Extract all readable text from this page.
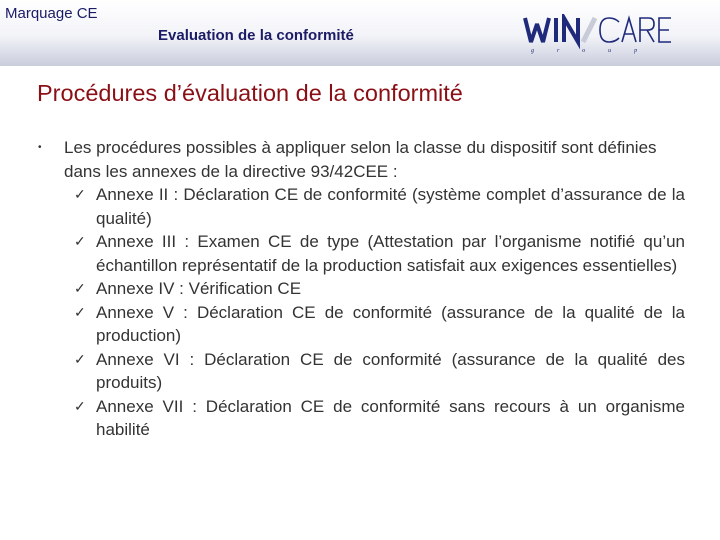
Marquage CE
Evaluation de la conformité
group
Procédures d’évaluation de la conformité
•	Les procédures possibles à appliquer selon la classe du dispositif sont définies dans les annexes de la directive 93/42CEE :
✓ Annexe II : Déclaration CE de conformité (système complet d’assurance de la qualité)
✓ Annexe III : Examen CE de type (Attestation par l’organisme notifié qu’un échantillon représentatif de la production satisfait aux exigences essentielles)
✓ Annexe IV : Vérification CE
✓ Annexe V : Déclaration CE de conformité (assurance de la qualité de la production)
✓ Annexe VI : Déclaration CE de conformité (assurance de la qualité des produits)
✓ Annexe VII : Déclaration CE de conformité sans recours à un organisme habilité
